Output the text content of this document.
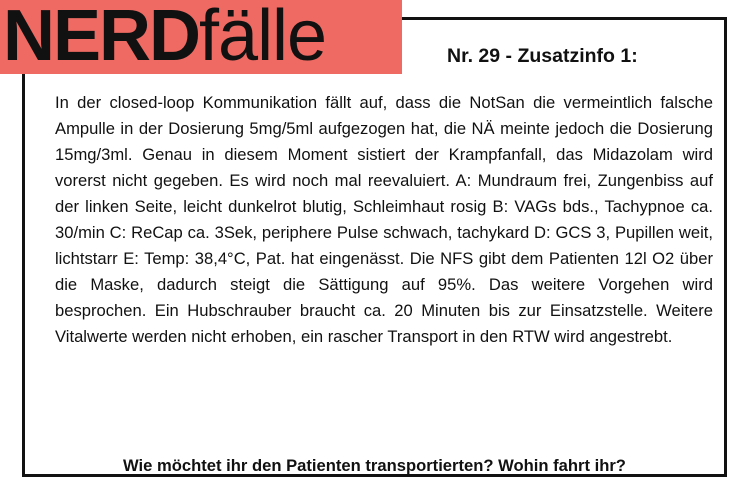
NERDfälle	Nr. 29 - Zusatzinfo 1:

In der closed-loop Kommunikation fällt auf, dass die NotSan die vermeintlich falsche Ampulle in der Dosierung 5mg/5ml aufgezogen hat, die NÄ meinte jedoch die Dosierung 15mg/3ml. Genau in diesem Moment sistiert der Krampfanfall, das Midazolam wird vorerst nicht gegeben. Es wird noch mal reevaluiert. A: Mundraum frei, Zungenbiss auf der linken Seite, leicht dunkelrot blutig, Schleimhaut rosig B: VAGs bds., Tachypnoe ca. 30/min C: ReCap ca. 3Sek, periphere Pulse schwach, tachykard D: GCS 3, Pupillen weit, lichtstarr E: Temp: 38,4°C, Pat. hat eingenässt. Die NFS gibt dem Patienten 12l O2 über die Maske, dadurch steigt die Sättigung auf 95%. Das weitere Vorgehen wird besprochen. Ein Hubschrauber braucht ca. 20 Minuten bis zur Einsatzstelle. Weitere Vitalwerte werden nicht erhoben, ein rascher Transport in den RTW wird angestrebt.

Wie möchtet ihr den Patienten transportierten? Wohin fahrt ihr?
